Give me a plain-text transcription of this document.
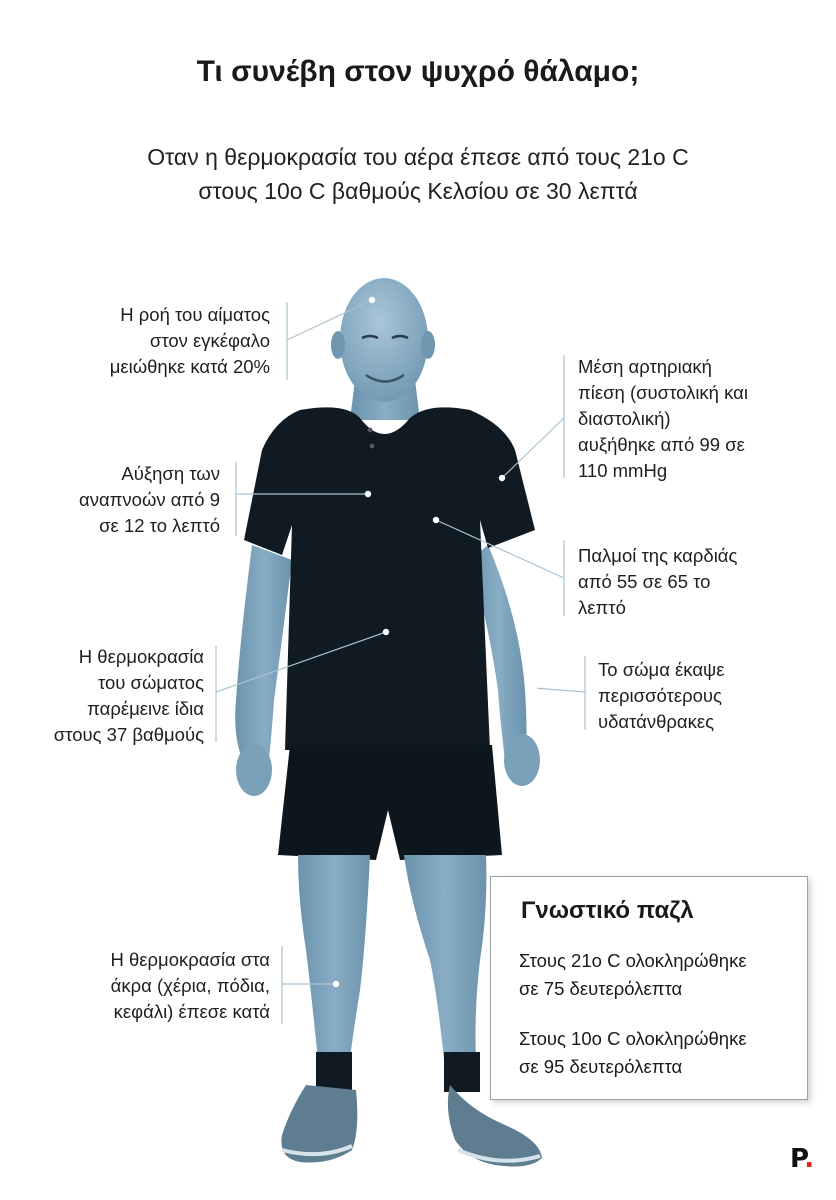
Τι συνέβη στον ψυχρό θάλαμο;
Οταν η θερμοκρασία του αέρα έπεσε από τους 21ο C
στους 10ο C βαθμούς Κελσίου σε 30 λεπτά
Η ροή του αίματος
στον εγκέφαλο
μειώθηκε κατά 20%
Αύξηση των
αναπνοών από 9
σε 12 το λεπτό
Η θερμοκρασία
του σώματος
παρέμεινε ίδια
στους 37 βαθμούς
Η θερμοκρασία στα
άκρα (χέρια, πόδια,
κεφάλι) έπεσε κατά
Μέση αρτηριακή
πίεση (συστολική και
διαστολική)
αυξήθηκε από 99 σε
110 mmHg
Παλμοί της καρδιάς
από 55 σε 65 το
λεπτό
Το σώμα έκαψε
περισσότερους
υδατάνθρακες
Γνωστικό παζλ
Στους 21ο C ολοκληρώθηκε
σε 75 δευτερόλεπτα
Στους 10ο C ολοκληρώθηκε
σε 95 δευτερόλεπτα
P.
